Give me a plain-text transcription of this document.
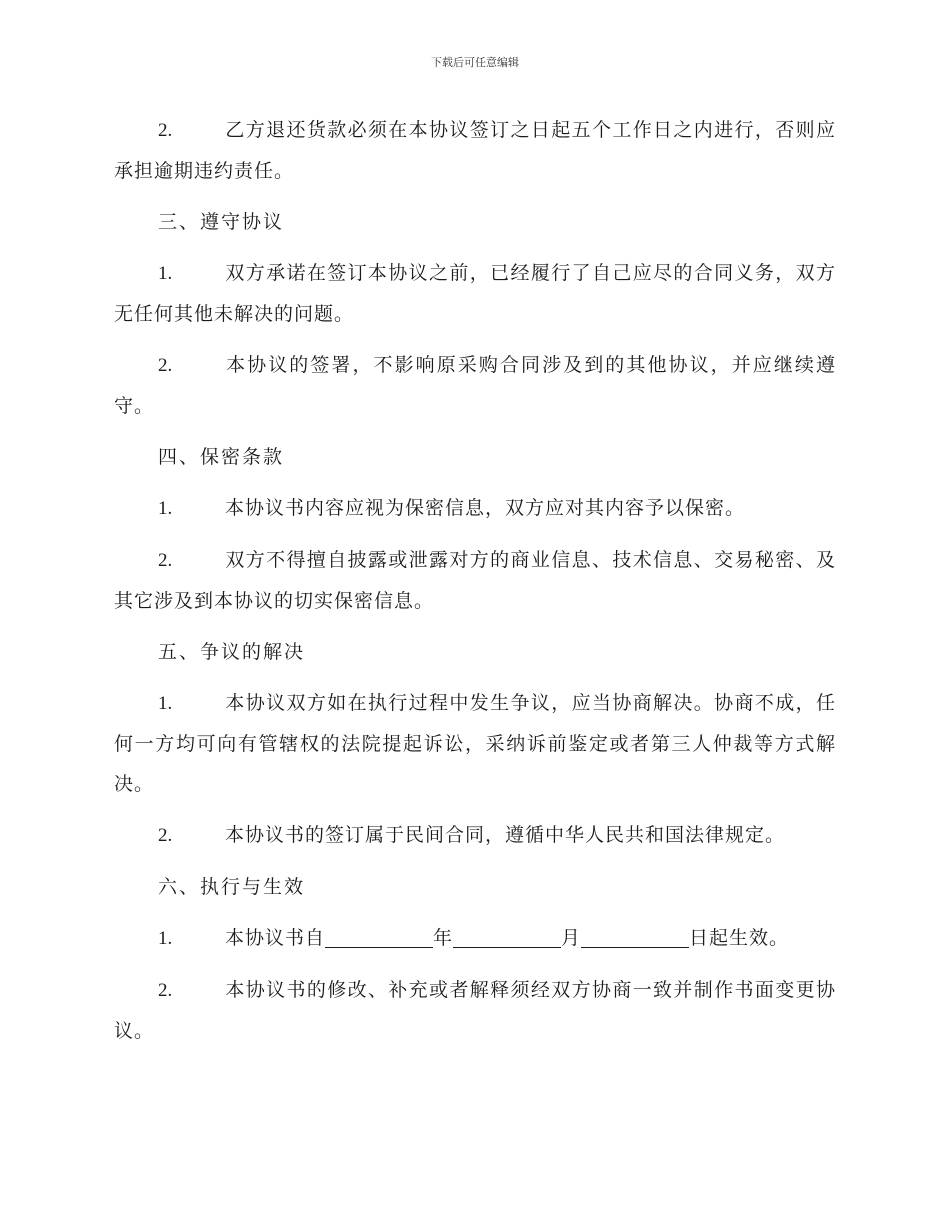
下载后可任意编辑

2.	乙方退还货款必须在本协议签订之日起五个工作日之内进行，否则应承担逾期违约责任。

三、遵守协议

1.	双方承诺在签订本协议之前，已经履行了自己应尽的合同义务，双方无任何其他未解决的问题。

2.	本协议的签署，不影响原采购合同涉及到的其他协议，并应继续遵守。

四、保密条款

1.	本协议书内容应视为保密信息，双方应对其内容予以保密。

2.	双方不得擅自披露或泄露对方的商业信息、技术信息、交易秘密、及其它涉及到本协议的切实保密信息。

五、争议的解决

1.	本协议双方如在执行过程中发生争议，应当协商解决。协商不成，任何一方均可向有管辖权的法院提起诉讼，采纳诉前鉴定或者第三人仲裁等方式解决。

2.	本协议书的签订属于民间合同，遵循中华人民共和国法律规定。

六、执行与生效

1.	本协议书自	年	月	日起生效。

2.	本协议书的修改、补充或者解释须经双方协商一致并制作书面变更协议。
